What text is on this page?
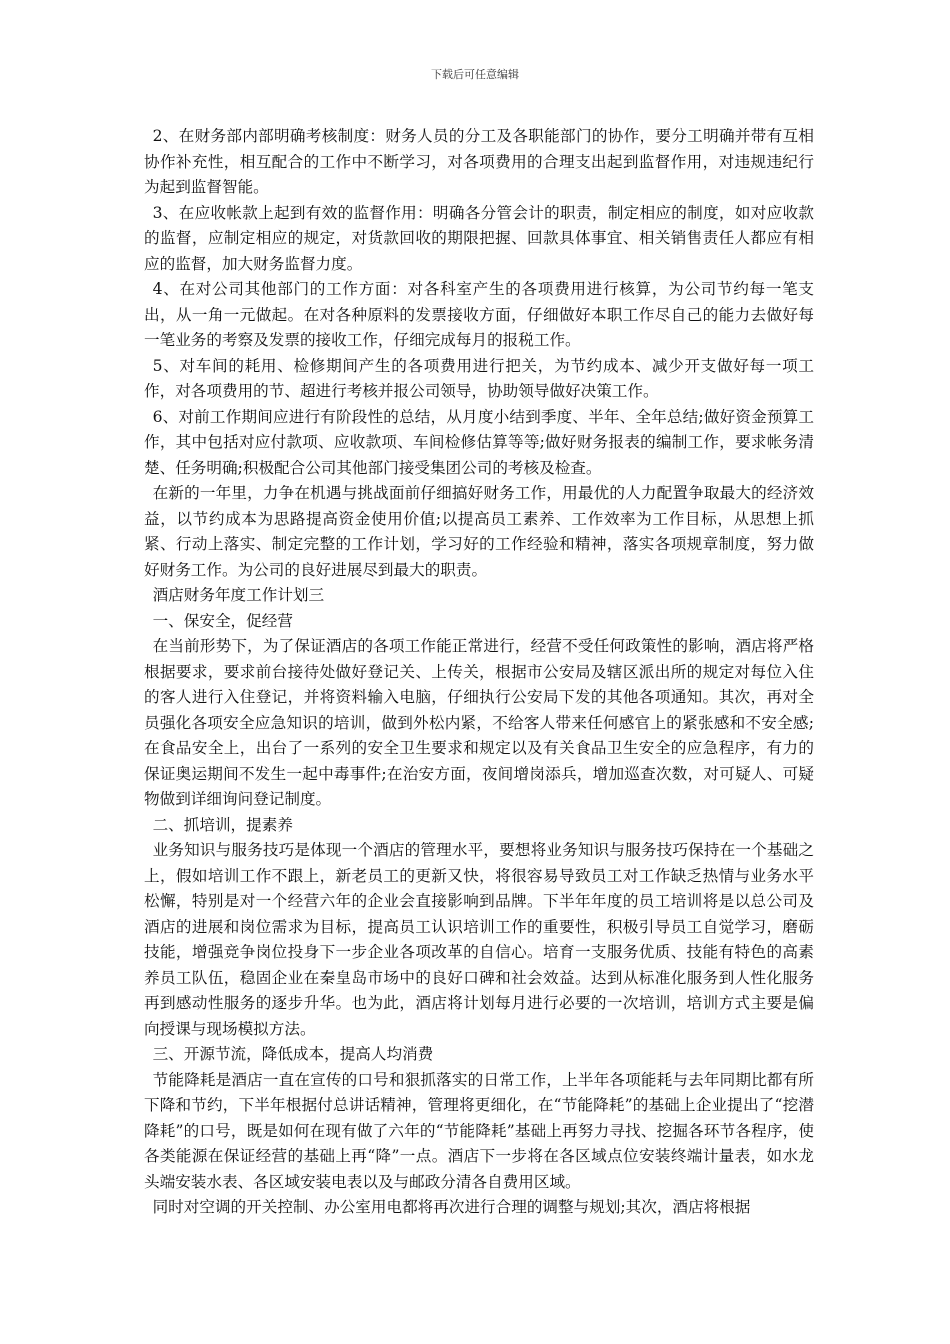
下载后可任意编辑

2、在财务部内部明确考核制度：财务人员的分工及各职能部门的协作，要分工明确并带有互相协作补充性，相互配合的工作中不断学习，对各项费用的合理支出起到监督作用，对违规违纪行为起到监督智能。

3、在应收帐款上起到有效的监督作用：明确各分管会计的职责，制定相应的制度，如对应收款的监督，应制定相应的规定，对货款回收的期限把握、回款具体事宜、相关销售责任人都应有相应的监督，加大财务监督力度。

4、在对公司其他部门的工作方面：对各科室产生的各项费用进行核算，为公司节约每一笔支出，从一角一元做起。在对各种原料的发票接收方面，仔细做好本职工作尽自己的能力去做好每一笔业务的考察及发票的接收工作，仔细完成每月的报税工作。

5、对车间的耗用、检修期间产生的各项费用进行把关，为节约成本、减少开支做好每一项工作，对各项费用的节、超进行考核并报公司领导，协助领导做好决策工作。

6、对前工作期间应进行有阶段性的总结，从月度小结到季度、半年、全年总结;做好资金预算工作，其中包括对应付款项、应收款项、车间检修估算等等;做好财务报表的编制工作，要求帐务清楚、任务明确;积极配合公司其他部门接受集团公司的考核及检查。

在新的一年里，力争在机遇与挑战面前仔细搞好财务工作，用最优的人力配置争取最大的经济效益，以节约成本为思路提高资金使用价值;以提高员工素养、工作效率为工作目标，从思想上抓紧、行动上落实、制定完整的工作计划，学习好的工作经验和精神，落实各项规章制度，努力做好财务工作。为公司的良好进展尽到最大的职责。

酒店财务年度工作计划三

一、保安全，促经营

在当前形势下，为了保证酒店的各项工作能正常进行，经营不受任何政策性的影响，酒店将严格根据要求，要求前台接待处做好登记关、上传关，根据市公安局及辖区派出所的规定对每位入住的客人进行入住登记，并将资料输入电脑，仔细执行公安局下发的其他各项通知。其次，再对全员强化各项安全应急知识的培训，做到外松内紧，不给客人带来任何感官上的紧张感和不安全感;在食品安全上，出台了一系列的安全卫生要求和规定以及有关食品卫生安全的应急程序，有力的保证奥运期间不发生一起中毒事件;在治安方面，夜间增岗添兵，增加巡查次数，对可疑人、可疑物做到详细询问登记制度。

二、抓培训，提素养

业务知识与服务技巧是体现一个酒店的管理水平，要想将业务知识与服务技巧保持在一个基础之上，假如培训工作不跟上，新老员工的更新又快，将很容易导致员工对工作缺乏热情与业务水平松懈，特别是对一个经营六年的企业会直接影响到品牌。下半年年度的员工培训将是以总公司及酒店的进展和岗位需求为目标，提高员工认识培训工作的重要性，积极引导员工自觉学习，磨砺技能，增强竞争岗位投身下一步企业各项改革的自信心。培育一支服务优质、技能有特色的高素养员工队伍，稳固企业在秦皇岛市场中的良好口碑和社会效益。达到从标准化服务到人性化服务再到感动性服务的逐步升华。也为此，酒店将计划每月进行必要的一次培训，培训方式主要是偏向授课与现场模拟方法。

三、开源节流，降低成本，提高人均消费

节能降耗是酒店一直在宣传的口号和狠抓落实的日常工作，上半年各项能耗与去年同期比都有所下降和节约，下半年根据付总讲话精神，管理将更细化，在“节能降耗”的基础上企业提出了“挖潜降耗”的口号，既是如何在现有做了六年的“节能降耗”基础上再努力寻找、挖掘各环节各程序，使各类能源在保证经营的基础上再“降”一点。酒店下一步将在各区域点位安装终端计量表，如水龙头端安装水表、各区域安装电表以及与邮政分清各自费用区域。

同时对空调的开关控制、办公室用电都将再次进行合理的调整与规划;其次，酒店将根据
